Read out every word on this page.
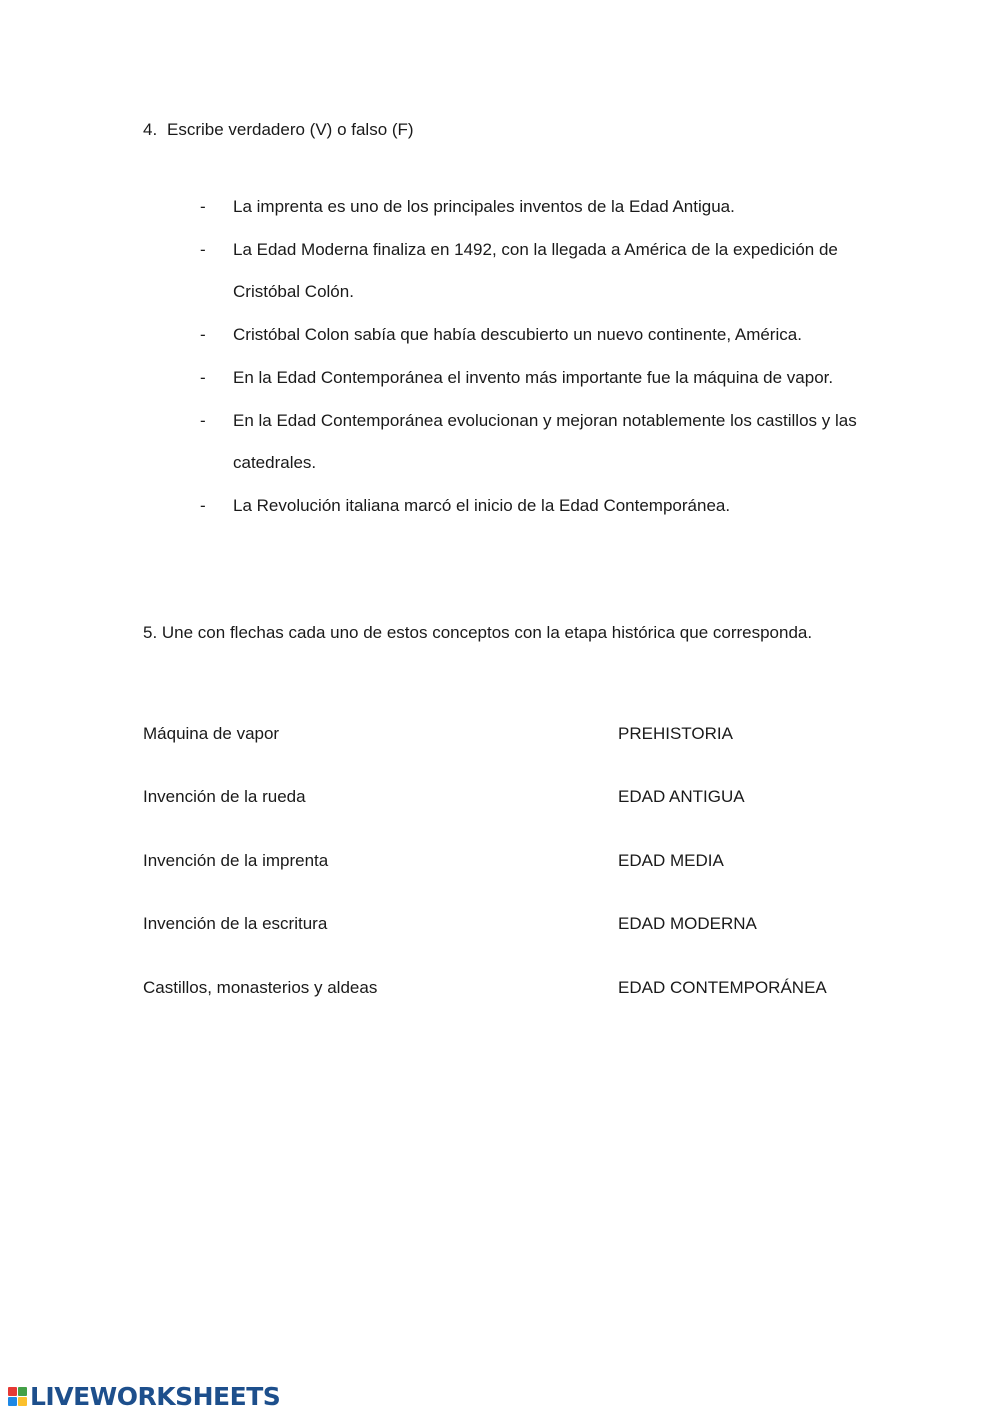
4. Escribe verdadero (V) o falso (F)
- La imprenta es uno de los principales inventos de la Edad Antigua.
- La Edad Moderna finaliza en 1492, con la llegada a América de la expedición de Cristóbal Colón.
- Cristóbal Colon sabía que había descubierto un nuevo continente, América.
- En la Edad Contemporánea el invento más importante fue la máquina de vapor.
- En la Edad Contemporánea evolucionan y mejoran notablemente los castillos y las catedrales.
- La Revolución italiana marcó el inicio de la Edad Contemporánea.
5. Une con flechas cada uno de estos conceptos con la etapa histórica que corresponda.
Máquina de vapor	PREHISTORIA
Invención de la rueda	EDAD ANTIGUA
Invención de la imprenta	EDAD MEDIA
Invención de la escritura	EDAD MODERNA
Castillos, monasterios y aldeas	EDAD CONTEMPORÁNEA
LIVEWORKSHEETS
